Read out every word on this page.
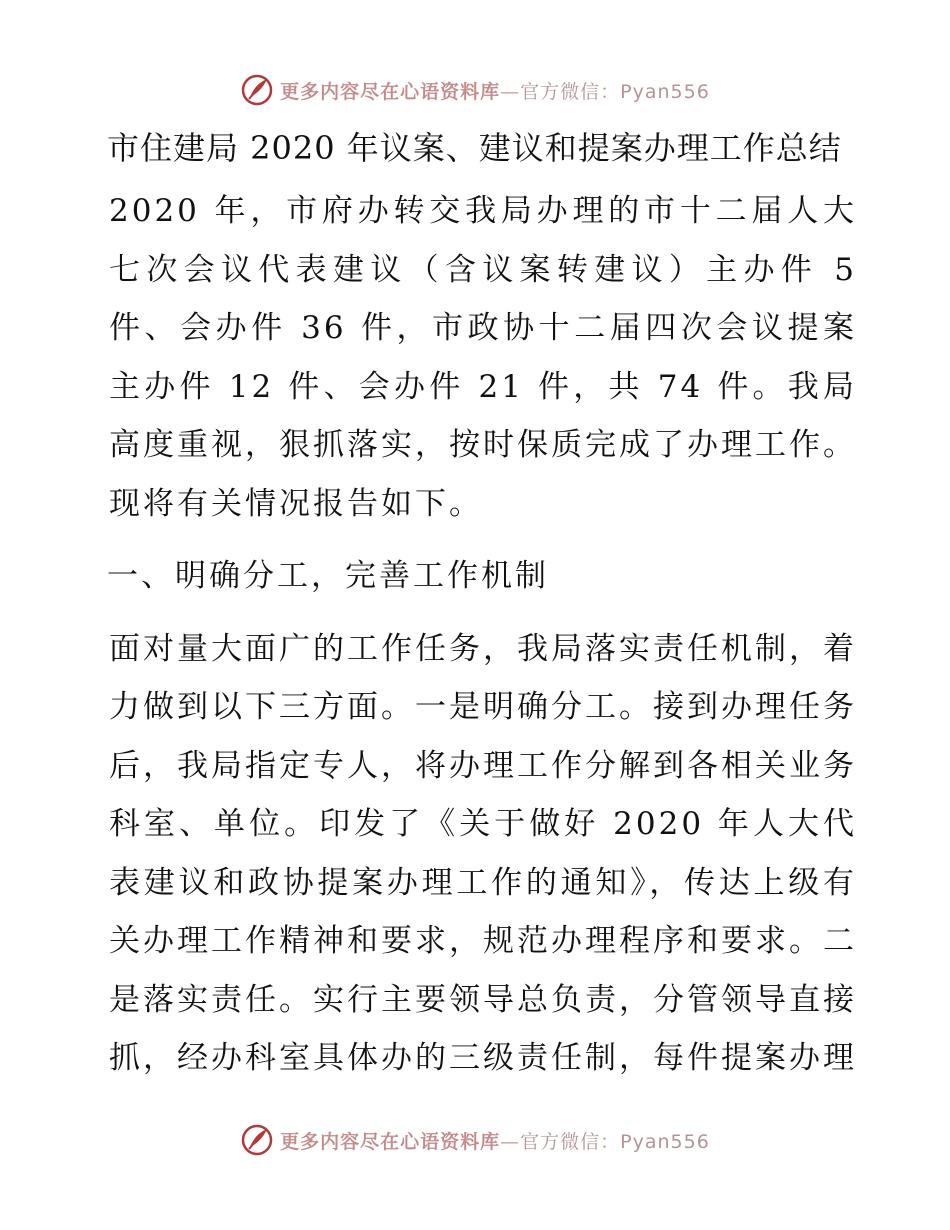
更多内容尽在心语资料库—官方微信：Pyan556
市住建局 2020 年议案、建议和提案办理工作总结

2020 年，市府办转交我局办理的市十二届人大七次会议代表建议（含议案转建议）主办件 5 件、会办件 36 件，市政协十二届四次会议提案主办件 12 件、会办件 21 件，共 74 件。我局高度重视，狠抓落实，按时保质完成了办理工作。现将有关情况报告如下。

一、明确分工，完善工作机制

面对量大面广的工作任务，我局落实责任机制，着力做到以下三方面。一是明确分工。接到办理任务后，我局指定专人，将办理工作分解到各相关业务科室、单位。印发了《关于做好 2020 年人大代表建议和政协提案办理工作的通知》，传达上级有关办理工作精神和要求，规范办理程序和要求。二是落实责任。实行主要领导总负责，分管领导直接抓，经办科室具体办的三级责任制，每件提案办理

更多内容尽在心语资料库—官方微信：Pyan556
